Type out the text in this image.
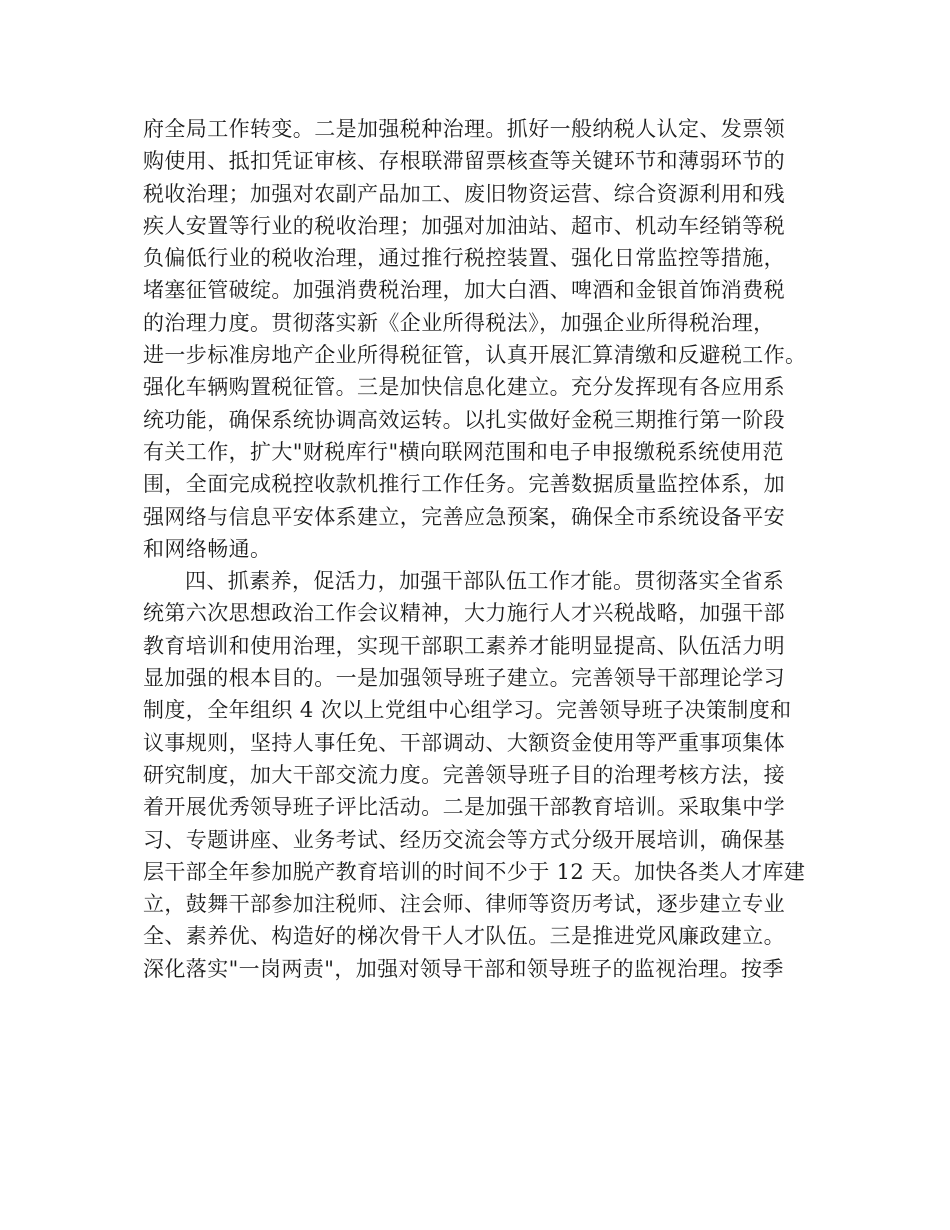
府全局工作转变。二是加强税种治理。抓好一般纳税人认定、发票领
购使用、抵扣凭证审核、存根联滞留票核查等关键环节和薄弱环节的
税收治理；加强对农副产品加工、废旧物资运营、综合资源利用和残
疾人安置等行业的税收治理；加强对加油站、超市、机动车经销等税
负偏低行业的税收治理，通过推行税控装置、强化日常监控等措施，
堵塞征管破绽。加强消费税治理，加大白酒、啤酒和金银首饰消费税
的治理力度。贯彻落实新《企业所得税法》，加强企业所得税治理，
进一步标准房地产企业所得税征管，认真开展汇算清缴和反避税工作。
强化车辆购置税征管。三是加快信息化建立。充分发挥现有各应用系
统功能，确保系统协调高效运转。以扎实做好金税三期推行第一阶段
有关工作，扩大"财税库行"横向联网范围和电子申报缴税系统使用范
围，全面完成税控收款机推行工作任务。完善数据质量监控体系，加
强网络与信息平安体系建立，完善应急预案，确保全市系统设备平安
和网络畅通。
四、抓素养，促活力，加强干部队伍工作才能。贯彻落实全省系
统第六次思想政治工作会议精神，大力施行人才兴税战略，加强干部
教育培训和使用治理，实现干部职工素养才能明显提高、队伍活力明
显加强的根本目的。一是加强领导班子建立。完善领导干部理论学习
制度，全年组织 4 次以上党组中心组学习。完善领导班子决策制度和
议事规则，坚持人事任免、干部调动、大额资金使用等严重事项集体
研究制度，加大干部交流力度。完善领导班子目的治理考核方法，接
着开展优秀领导班子评比活动。二是加强干部教育培训。采取集中学
习、专题讲座、业务考试、经历交流会等方式分级开展培训，确保基
层干部全年参加脱产教育培训的时间不少于 12 天。加快各类人才库建
立，鼓舞干部参加注税师、注会师、律师等资历考试，逐步建立专业
全、素养优、构造好的梯次骨干人才队伍。三是推进党风廉政建立。
深化落实"一岗两责"，加强对领导干部和领导班子的监视治理。按季
